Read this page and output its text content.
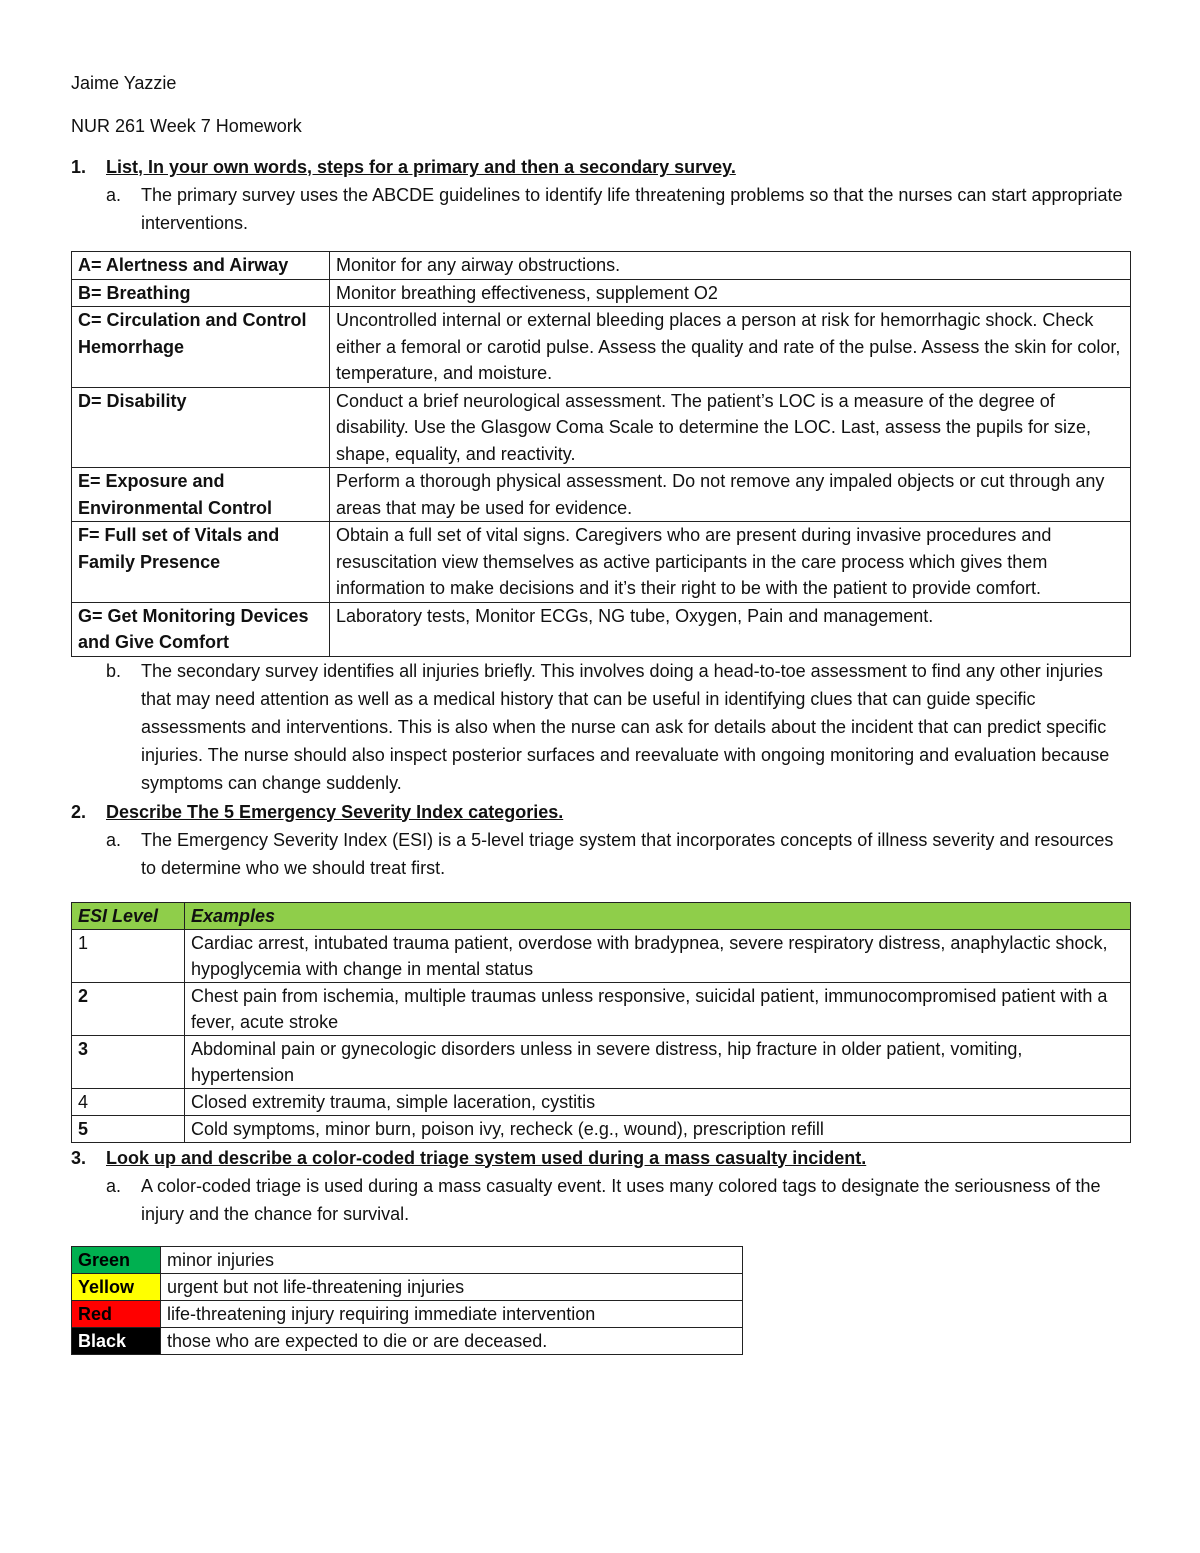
Jaime Yazzie

NUR 261 Week 7 Homework

1.	List, In your own words, steps for a primary and then a secondary survey.
a.	The primary survey uses the ABCDE guidelines to identify life threatening problems so that the nurses can start appropriate interventions.
A= Alertness and Airway	Monitor for any airway obstructions.
B= Breathing	Monitor breathing effectiveness, supplement O2
C= Circulation and Control Hemorrhage	Uncontrolled internal or external bleeding places a person at risk for hemorrhagic shock. Check either a femoral or carotid pulse. Assess the quality and rate of the pulse. Assess the skin for color, temperature, and moisture.
D= Disability	Conduct a brief neurological assessment. The patient’s LOC is a measure of the degree of disability. Use the Glasgow Coma Scale to determine the LOC. Last, assess the pupils for size, shape, equality, and reactivity.
E= Exposure and Environmental Control	Perform a thorough physical assessment. Do not remove any impaled objects or cut through any areas that may be used for evidence.
F= Full set of Vitals and Family Presence	Obtain a full set of vital signs. Caregivers who are present during invasive procedures and resuscitation view themselves as active participants in the care process which gives them information to make decisions and it’s their right to be with the patient to provide comfort.
G= Get Monitoring Devices and Give Comfort	Laboratory tests, Monitor ECGs, NG tube, Oxygen, Pain and management.
b.	The secondary survey identifies all injuries briefly. This involves doing a head-to-toe assessment to find any other injuries that may need attention as well as a medical history that can be useful in identifying clues that can guide specific assessments and interventions. This is also when the nurse can ask for details about the incident that can predict specific injuries. The nurse should also inspect posterior surfaces and reevaluate with ongoing monitoring and evaluation because symptoms can change suddenly.
2.	Describe The 5 Emergency Severity Index categories.
a.	The Emergency Severity Index (ESI) is a 5-level triage system that incorporates concepts of illness severity and resources to determine who we should treat first.
ESI Level	Examples
1	Cardiac arrest, intubated trauma patient, overdose with bradypnea, severe respiratory distress, anaphylactic shock, hypoglycemia with change in mental status
2	Chest pain from ischemia, multiple traumas unless responsive, suicidal patient, immunocompromised patient with a fever, acute stroke
3	Abdominal pain or gynecologic disorders unless in severe distress, hip fracture in older patient, vomiting, hypertension
4	Closed extremity trauma, simple laceration, cystitis
5	Cold symptoms, minor burn, poison ivy, recheck (e.g., wound), prescription refill
3.	Look up and describe a color-coded triage system used during a mass casualty incident.
a.	A color-coded triage is used during a mass casualty event. It uses many colored tags to designate the seriousness of the injury and the chance for survival.
Green	minor injuries
Yellow	urgent but not life-threatening injuries
Red	life-threatening injury requiring immediate intervention
Black	those who are expected to die or are deceased.
